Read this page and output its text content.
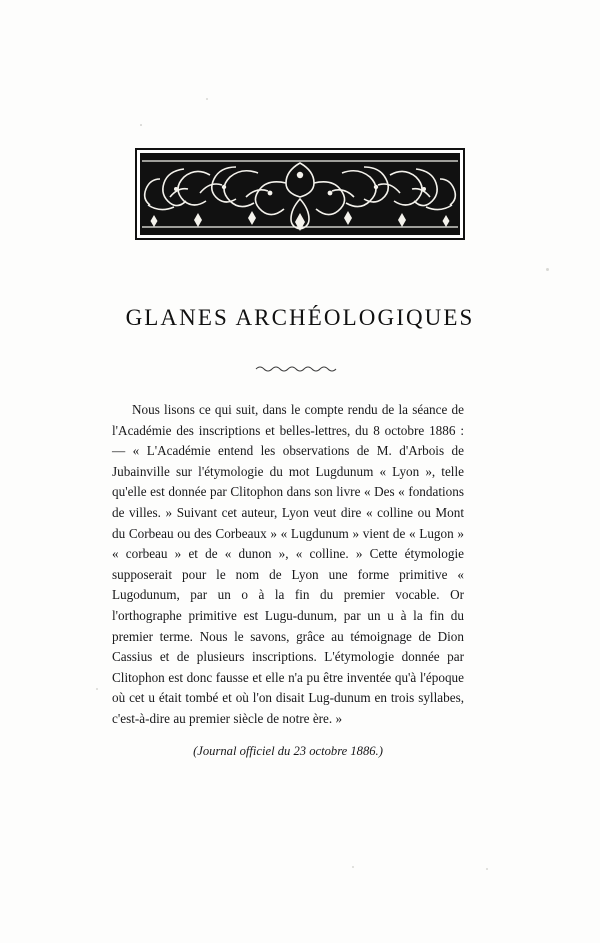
GLANES ARCHÉOLOGIQUES

Nous lisons ce qui suit, dans le compte rendu de la séance de l'Académie des inscriptions et belles-lettres, du 8 octobre 1886 : — « L'Académie entend les observations de M. d'Arbois de Jubainville sur l'étymologie du mot Lugdunum « Lyon », telle qu'elle est donnée par Clitophon dans son livre « Des « fondations de villes. » Suivant cet auteur, Lyon veut dire « colline ou Mont du Corbeau ou des Corbeaux » « Lugdunum » vient de « Lugon » « corbeau » et de « dunon », « colline. » Cette étymologie supposerait pour le nom de Lyon une forme primitive « Lugodunum, par un o à la fin du premier vocable. Or l'orthographe primitive est Lugu-dunum, par un u à la fin du premier terme. Nous le savons, grâce au témoignage de Dion Cassius et de plusieurs inscriptions. L'étymologie donnée par Clitophon est donc fausse et elle n'a pu être inventée qu'à l'époque où cet u était tombé et où l'on disait Lug-dunum en trois syllabes, c'est-à-dire au premier siècle de notre ère. »

(Journal officiel du 23 octobre 1886.)
